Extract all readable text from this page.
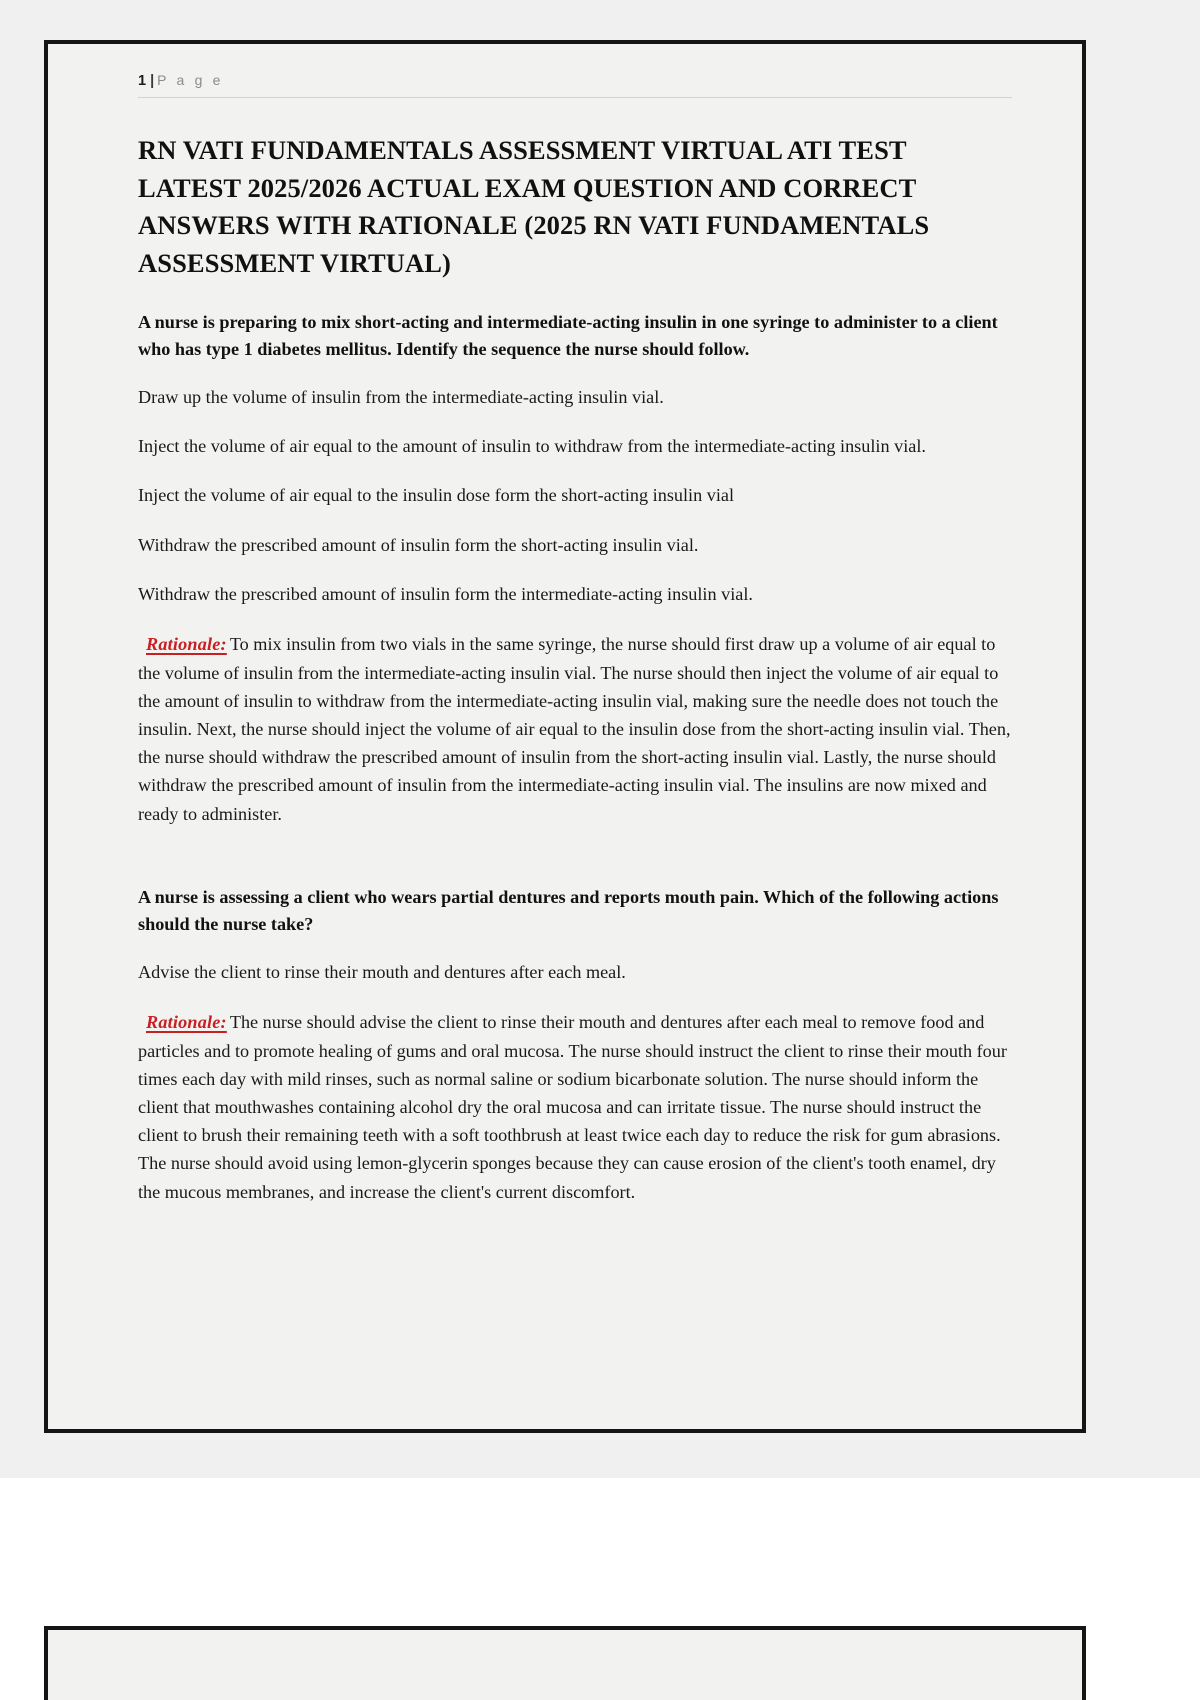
1 | P a g e
RN VATI FUNDAMENTALS ASSESSMENT VIRTUAL ATI TEST LATEST 2025/2026 ACTUAL EXAM QUESTION AND CORRECT ANSWERS WITH RATIONALE (2025 RN VATI FUNDAMENTALS ASSESSMENT VIRTUAL)

A nurse is preparing to mix short-acting and intermediate-acting insulin in one syringe to administer to a client who has type 1 diabetes mellitus. Identify the sequence the nurse should follow.

Draw up the volume of insulin from the intermediate-acting insulin vial.

Inject the volume of air equal to the amount of insulin to withdraw from the intermediate-acting insulin vial.

Inject the volume of air equal to the insulin dose form the short-acting insulin vial

Withdraw the prescribed amount of insulin form the short-acting insulin vial.

Withdraw the prescribed amount of insulin form the intermediate-acting insulin vial.

Rationale: To mix insulin from two vials in the same syringe, the nurse should first draw up a volume of air equal to the volume of insulin from the intermediate-acting insulin vial. The nurse should then inject the volume of air equal to the amount of insulin to withdraw from the intermediate-acting insulin vial, making sure the needle does not touch the insulin. Next, the nurse should inject the volume of air equal to the insulin dose from the short-acting insulin vial. Then, the nurse should withdraw the prescribed amount of insulin from the short-acting insulin vial. Lastly, the nurse should withdraw the prescribed amount of insulin from the intermediate-acting insulin vial. The insulins are now mixed and ready to administer.

A nurse is assessing a client who wears partial dentures and reports mouth pain. Which of the following actions should the nurse take?

Advise the client to rinse their mouth and dentures after each meal.

Rationale: The nurse should advise the client to rinse their mouth and dentures after each meal to remove food and particles and to promote healing of gums and oral mucosa. The nurse should instruct the client to rinse their mouth four times each day with mild rinses, such as normal saline or sodium bicarbonate solution. The nurse should inform the client that mouthwashes containing alcohol dry the oral mucosa and can irritate tissue. The nurse should instruct the client to brush their remaining teeth with a soft toothbrush at least twice each day to reduce the risk for gum abrasions. The nurse should avoid using lemon-glycerin sponges because they can cause erosion of the client's tooth enamel, dry the mucous membranes, and increase the client's current discomfort.
